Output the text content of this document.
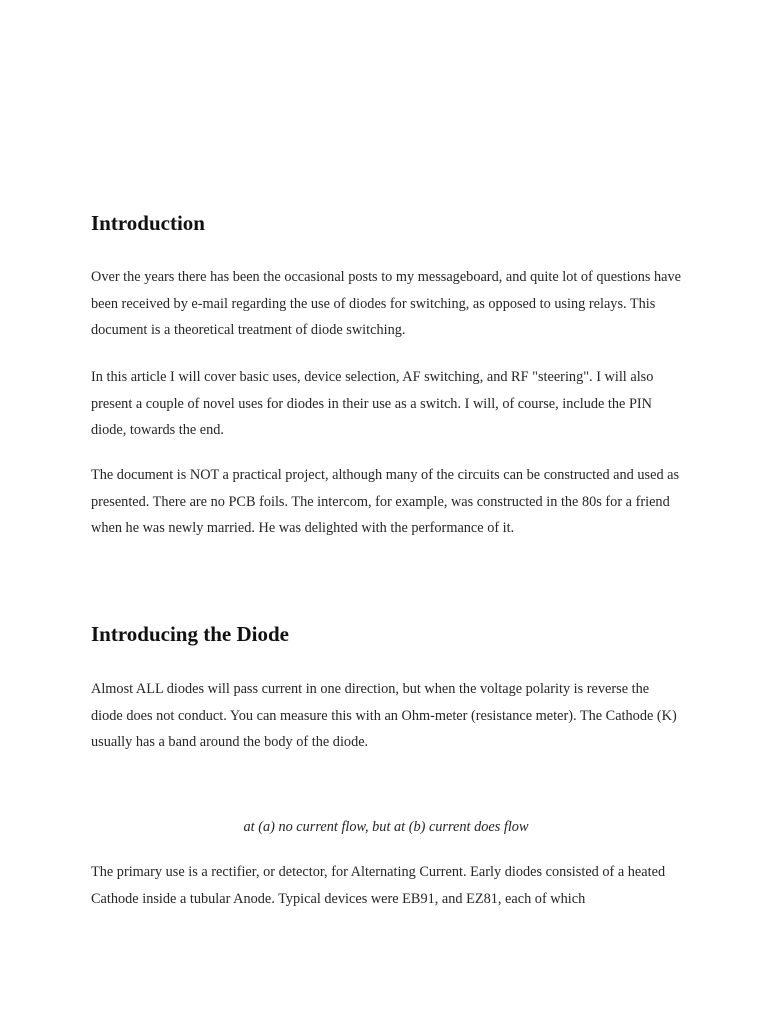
Introduction

Over the years there has been the occasional posts to my messageboard, and quite lot of questions have been received by e-mail regarding the use of diodes for switching, as opposed to using relays. This document is a theoretical treatment of diode switching.

In this article I will cover basic uses, device selection, AF switching, and RF "steering". I will also present a couple of novel uses for diodes in their use as a switch. I will, of course, include the PIN diode, towards the end.

The document is NOT a practical project, although many of the circuits can be constructed and used as presented. There are no PCB foils. The intercom, for example, was constructed in the 80s for a friend when he was newly married. He was delighted with the performance of it.

Introducing the Diode

Almost ALL diodes will pass current in one direction, but when the voltage polarity is reverse the diode does not conduct. You can measure this with an Ohm-meter (resistance meter). The Cathode (K) usually has a band around the body of the diode.

at (a) no current flow, but at (b) current does flow

The primary use is a rectifier, or detector, for Alternating Current. Early diodes consisted of a heated Cathode inside a tubular Anode. Typical devices were EB91, and EZ81, each of which
